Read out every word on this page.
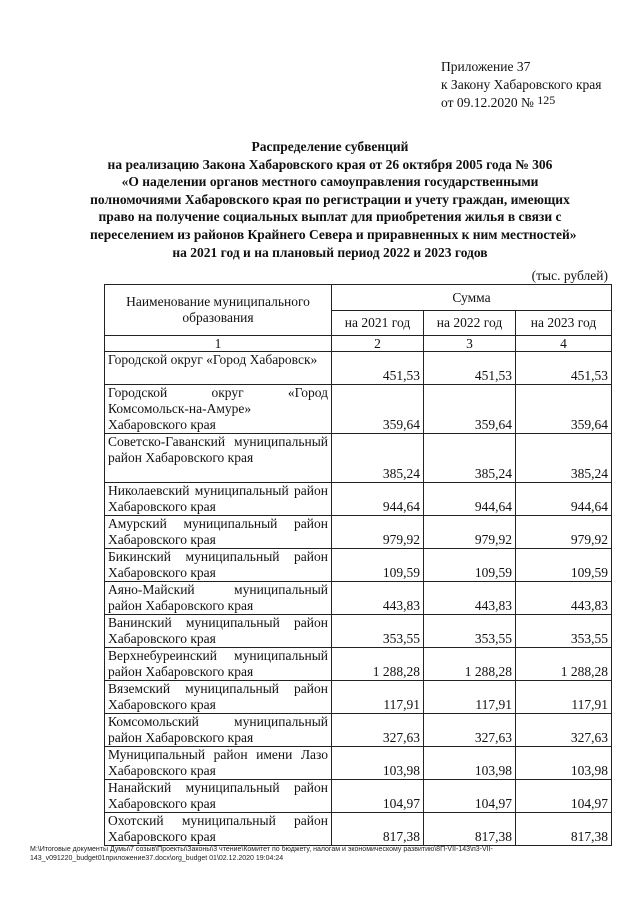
Приложение 37
к Закону Хабаровского края
от 09.12.2020 № 125
Распределение субвенций
на реализацию Закона Хабаровского края от 26 октября 2005 года № 306
«О наделении органов местного самоуправления государственными
полномочиями Хабаровского края по регистрации и учету граждан, имеющих
право на получение социальных выплат для приобретения жилья в связи с
переселением из районов Крайнего Севера и приравненных к ним местностей»
на 2021 год и на плановый период 2022 и 2023 годов
(тыс. рублей)
Наименование муниципального образования	Сумма		
	на 2021 год	на 2022 год	на 2023 год
1	2	3	4
Городской округ «Город Хабаровск»	451,53	451,53	451,53
Городской округ «Город Комсомольск-на-Амуре» Хабаровского края	359,64	359,64	359,64
Советско-Гаванский муниципальный район Хабаровского края	385,24	385,24	385,24
Николаевский муниципальный район Хабаровского края	944,64	944,64	944,64
Амурский муниципальный район Хабаровского края	979,92	979,92	979,92
Бикинский муниципальный район Хабаровского края	109,59	109,59	109,59
Аяно-Майский муниципальный район Хабаровского края	443,83	443,83	443,83
Ванинский муниципальный район Хабаровского края	353,55	353,55	353,55
Верхнебуреинский муниципальный район Хабаровского края	1 288,28	1 288,28	1 288,28
Вяземский муниципальный район Хабаровского края	117,91	117,91	117,91
Комсомольский муниципальный район Хабаровского края	327,63	327,63	327,63
Муниципальный район имени Лазо Хабаровского края	103,98	103,98	103,98
Нанайский муниципальный район Хабаровского края	104,97	104,97	104,97
Охотский муниципальный район Хабаровского края	817,38	817,38	817,38
М:\Итоговые документы Думы\7 созыв\Проекты\Законы\3 чтение\Комитет по бюджету, налогам и экономическому развитию\8П-VII-143\п3-VII-143_v091220_budget01приложение37.docx\org_budget 01\02.12.2020 19:04:24
